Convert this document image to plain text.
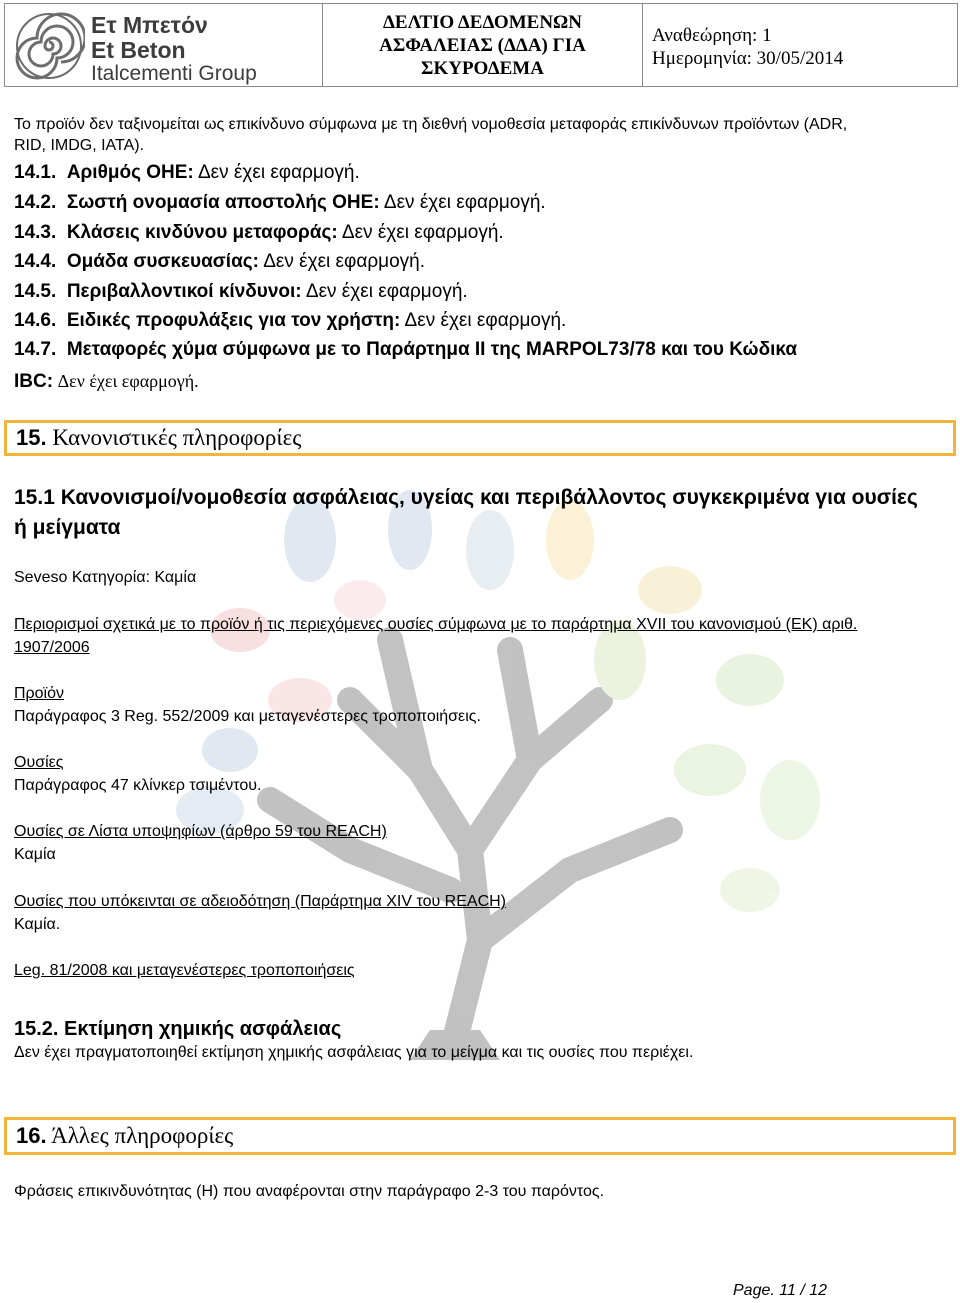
Ετ Μπετόν
Et Beton
Italcementi Group
ΔΕΛΤΙΟ ΔΕΔΟΜΕΝΩΝ
ΑΣΦΑΛΕΙΑΣ (ΔΔΑ) ΓΙΑ
ΣΚΥΡΟΔΕΜΑ
Αναθεώρηση: 1
Ημερομηνία: 30/05/2014
Το προϊόν δεν ταξινομείται ως επικίνδυνο σύμφωνα με τη διεθνή νομοθεσία μεταφοράς επικίνδυνων προϊόντων (ADR,
RID, IMDG, IATA).
14.1. Αριθμός ΟΗΕ: Δεν έχει εφαρμογή.
14.2. Σωστή ονομασία αποστολής ΟΗΕ: Δεν έχει εφαρμογή.
14.3. Κλάσεις κινδύνου μεταφοράς: Δεν έχει εφαρμογή.
14.4. Ομάδα συσκευασίας: Δεν έχει εφαρμογή.
14.5. Περιβαλλοντικοί κίνδυνοι: Δεν έχει εφαρμογή.
14.6. Ειδικές προφυλάξεις για τον χρήστη: Δεν έχει εφαρμογή.
14.7. Μεταφορές χύμα σύμφωνα με το Παράρτημα II της MARPOL73/78 και του Κώδικα
IBC: Δεν έχει εφαρμογή.
15. Κανονιστικές πληροφορίες
15.1 Κανονισμοί/νομοθεσία ασφάλειας, υγείας και περιβάλλοντος συγκεκριμένα για ουσίες
ή μείγματα
Seveso Κατηγορία: Καμία
Περιορισμοί σχετικά με το προϊόν ή τις περιεχόμενες ουσίες σύμφωνα με το παράρτημα XVII του κανονισμού (ΕΚ) αριθ.
1907/2006
Προϊόν
Παράγραφος 3 Reg. 552/2009 και μεταγενέστερες τροποποιήσεις.
Ουσίες
Παράγραφος 47 κλίνκερ τσιμέντου.
Ουσίες σε Λίστα υποψηφίων (άρθρο 59 του REACH)
Καμία
Ουσίες που υπόκεινται σε αδειοδότηση (Παράρτημα XIV του REACH)
Καμία.
Leg. 81/2008 και μεταγενέστερες τροποποιήσεις
15.2. Εκτίμηση χημικής ασφάλειας
Δεν έχει πραγματοποιηθεί εκτίμηση χημικής ασφάλειας για το μείγμα και τις ουσίες που περιέχει.
16. Άλλες πληροφορίες
Φράσεις επικινδυνότητας (H) που αναφέρονται στην παράγραφο 2-3 του παρόντος.
Page. 11 / 12
